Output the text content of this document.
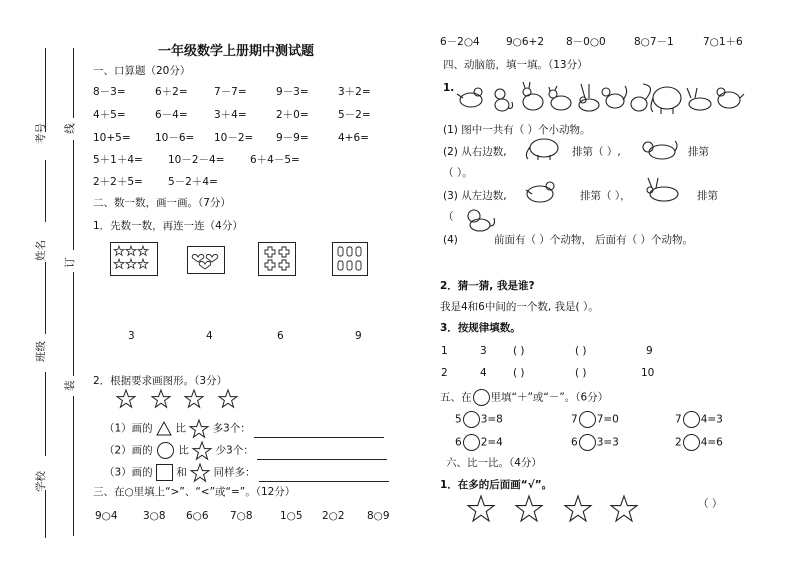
考号
姓名
班级
学校
线
订
装
一年级数学上册期中测试题
一、口算题（20分）
8－3=	6＋2=	7－7=	9－3=	3＋2=
4＋5=	6－4=	3＋4=	2＋0=	5－2=
10+5= 10－6= 10－2= 9－9=	4+6=
5＋1＋4= 10－2－4= 6＋4－5=
2＋2＋5= 5－2＋4=
二、数一数，画一画。（7分）
1．先数一数，再连一连（4分）
3	4	6	9
2．根据要求画图形。（3分）
（1）画的 比	多3个：
（2）画的 比	少3个：
（3）画的 和	同样多：
三、在○里填上“>”、“<”或“=”。（12分）
9○4 3○8 6○6 7○8	1○5 2○2 8○9
6－2○4	9○6+2 8－0○0	8○7－1	7○1＋6
四、动脑筋，填一填。（13分）
1.
(1) 图中一共有（ ）个小动物。
(2) 从右边数,	排第（ ）,	排第
（ ）。
(3) 从左边数,	排第（ ），	排第
（
(4)	前面有（ ）个动物， 后面有（ ）个动物。
2．猜一猜, 我是谁?
我是4和6中间的一个数, 我是( ）。
3．按规律填数。
1	3	( )	( )	9
2	4	( )	( )	10
五、在 里填“＋”或“－”。（6分）
5 3=8	7 7=0	7 4=3
6 2=4	6 3=3	2 4=6
六、比一比。（4分）
1．在多的后面画“√”。
（ ）
